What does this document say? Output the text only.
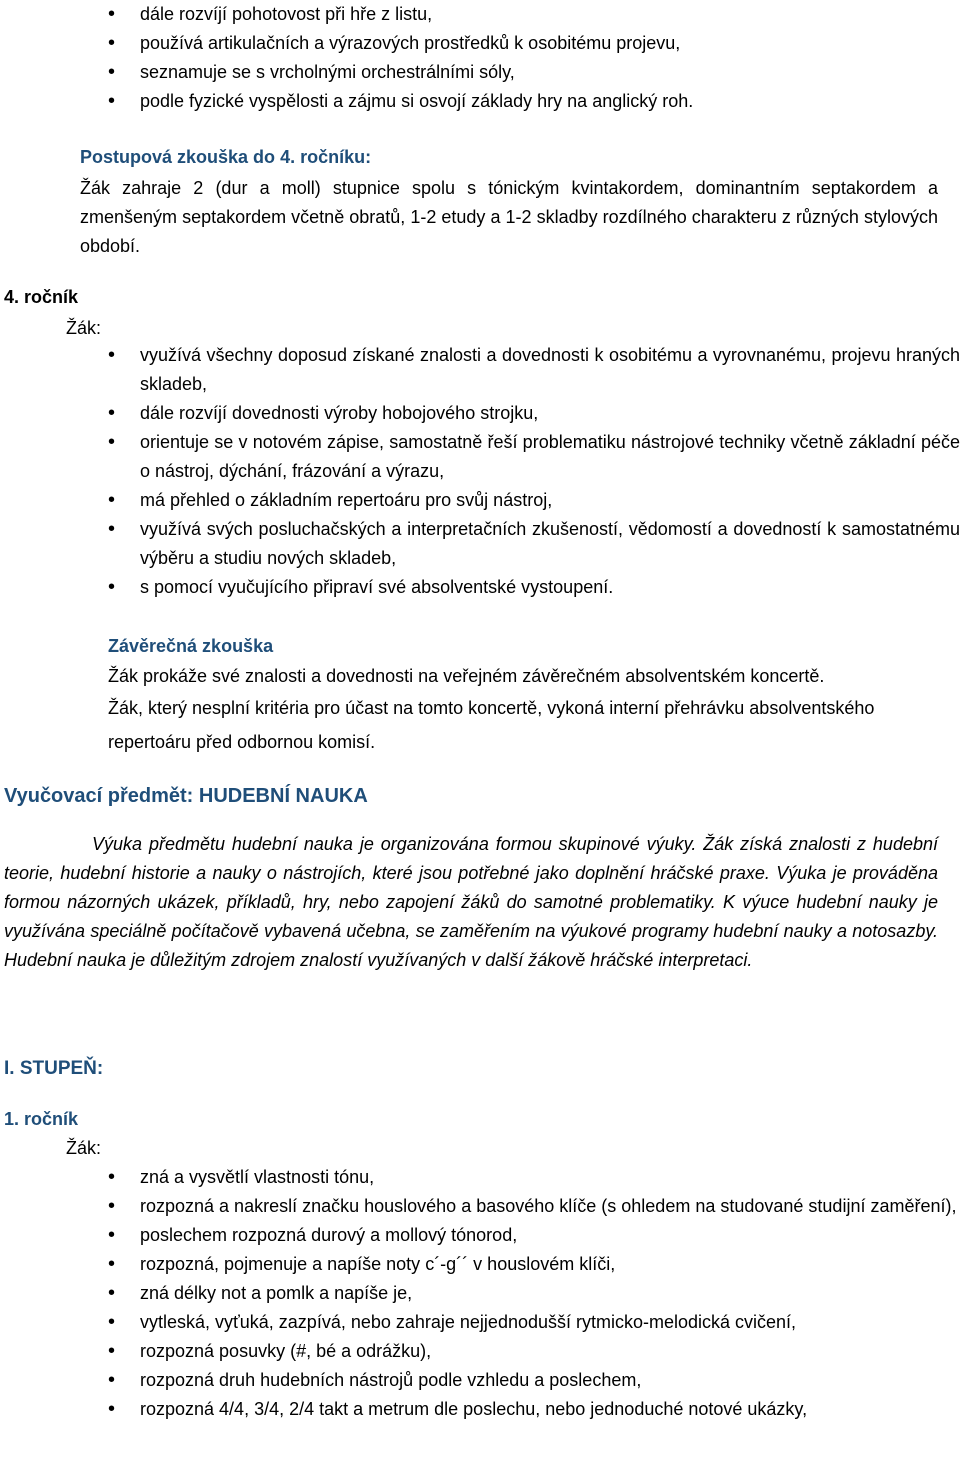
• dále rozvíjí pohotovost při hře z listu,
• používá artikulačních a výrazových prostředků k osobitému projevu,
• seznamuje se s vrcholnými orchestrálními sóly,
• podle fyzické vyspělosti a zájmu si osvojí základy hry na anglický roh.
Postupová zkouška do 4. ročníku:
Žák zahraje 2 (dur a moll) stupnice spolu s tónickým kvintakordem, dominantním septakordem a zmenšeným septakordem včetně obratů, 1-2 etudy a 1-2 skladby rozdílného charakteru z různých stylových období.
4. ročník
Žák:
• využívá všechny doposud získané znalosti a dovednosti k osobitému a vyrovnanému, projevu hraných skladeb,
• dále rozvíjí dovednosti výroby hobojového strojku,
• orientuje se v notovém zápise, samostatně řeší problematiku nástrojové techniky včetně základní péče o nástroj, dýchání, frázování a výrazu,
• má přehled o základním repertoáru pro svůj nástroj,
• využívá svých posluchačských a interpretačních zkušeností, vědomostí a dovedností k samostatnému výběru a studiu nových skladeb,
• s pomocí vyučujícího připraví své absolventské vystoupení.
Závěrečná zkouška
Žák prokáže své znalosti a dovednosti na veřejném závěrečném absolventském koncertě.
Žák, který nesplní kritéria pro účast na tomto koncertě, vykoná interní přehrávku absolventského repertoáru před odbornou komisí.
Vyučovací předmět: HUDEBNÍ NAUKA
Výuka předmětu hudební nauka je organizována formou skupinové výuky. Žák získá znalosti z hudební teorie, hudební historie a nauky o nástrojích, které jsou potřebné jako doplnění hráčské praxe. Výuka je prováděna formou názorných ukázek, příkladů, hry, nebo zapojení žáků do samotné problematiky. K výuce hudební nauky je využívána speciálně počítačově vybavená učebna, se zaměřením na výukové programy hudební nauky a notosazby. Hudební nauka je důležitým zdrojem znalostí využívaných v další žákově hráčské interpretaci.
I. STUPEŇ:
1. ročník
Žák:
• zná a vysvětlí vlastnosti tónu,
• rozpozná a nakreslí značku houslového a basového klíče (s ohledem na studované studijní zaměření),
• poslechem rozpozná durový a mollový tónorod,
• rozpozná, pojmenuje a napíše noty c´-g´´ v houslovém klíči,
• zná délky not a pomlk a napíše je,
• vytleská, vyťuká, zazpívá, nebo zahraje nejjednodušší rytmicko-melodická cvičení,
• rozpozná posuvky (#, bé a odrážku),
• rozpozná druh hudebních nástrojů podle vzhledu a poslechem,
• rozpozná 4/4, 3/4, 2/4 takt a metrum dle poslechu, nebo jednoduché notové ukázky,
